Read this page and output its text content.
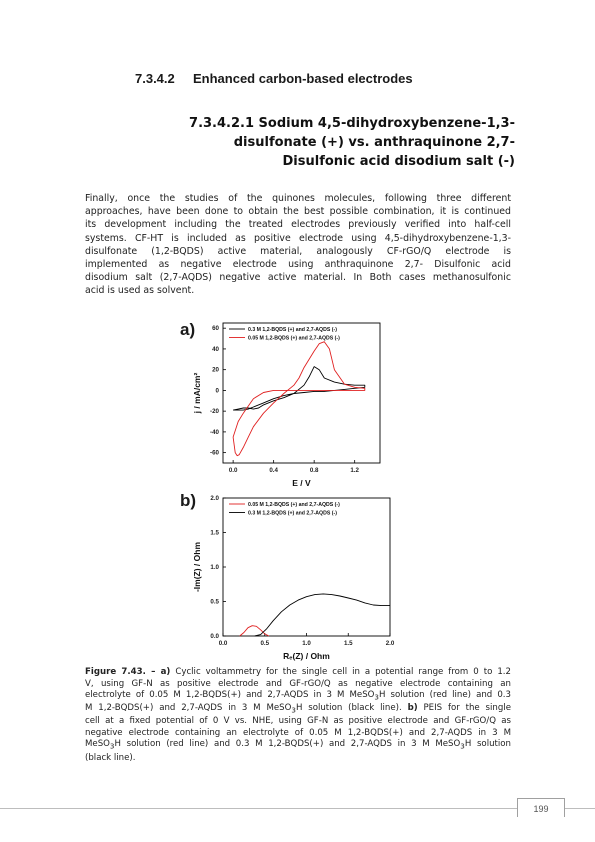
7.3.4.2 Enhanced carbon-based electrodes
7.3.4.2.1 Sodium 4,5-dihydroxybenzene-1,3-
disulfonate (+) vs. anthraquinone 2,7-
Disulfonic acid disodium salt (-)
Finally, once the studies of the quinones molecules, following three different
approaches, have been done to obtain the best possible combination, it is continued
its development including the treated electrodes previously verified into half-cell
systems. CF-HT is included as positive electrode using 4,5-dihydroxybenzene-1,3-
disulfonate (1,2-BQDS) active material, analogously CF-rGO/Q electrode is
implemented as negative electrode using anthraquinone 2,7- Disulfonic acid
disodium salt (2,7-AQDS) negative active material. In Both cases methanosulfonic
acid is used as solvent.
a)
b)
0.0	0.4	0.8	1.2
60
40
20
0
-20
-40
-60
E / V
j / mA/cm²
0.3 M 1,2-BQDS (+) and 2,7-AQDS (-)
0.05 M 1,2-BQDS (+) and 2,7-AQDS (-)
0.0	0.5	1.0	1.5	2.0
2.0
1.5
1.0
0.5
0.0
Rₑ(Z) / Ohm
-Im(Z) / Ohm
0.05 M 1,2-BQDS (+) and 2,7-AQDS (-)
0.3 M 1,2-BQDS (+) and 2,7-AQDS (-)
Figure 7.43. – a) Cyclic voltammetry for the single cell in a potential range from 0 to 1.2
V, using GF-N as positive electrode and GF-rGO/Q as negative electrode containing an
electrolyte of 0.05 M 1,2-BQDS(+) and 2,7-AQDS in 3 M MeSO$_3$H solution (red line) and 0.3
M 1,2-BQDS(+) and 2,7-AQDS in 3 M MeSO$_3$H solution (black line). b) PEIS for the single
cell at a fixed potential of 0 V vs. NHE, using GF-N as positive electrode and GF-rGO/Q as
negative electrode containing an electrolyte of 0.05 M 1,2-BQDS(+) and 2,7-AQDS in 3 M
MeSO$_3$H solution (red line) and 0.3 M 1,2-BQDS(+) and 2,7-AQDS in 3 M MeSO$_3$H solution
(black line).
199
